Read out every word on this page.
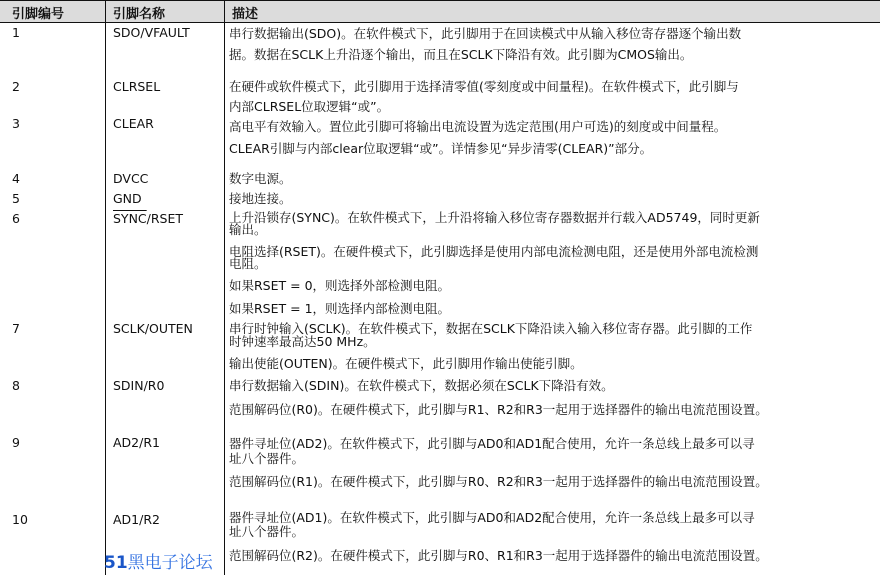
引脚编号	引脚名称	描述
1	SDO/VFAULT	串行数据输出(SDO)。在软件模式下，此引脚用于在回读模式中从输入移位寄存器逐个输出数
据。数据在SCLK上升沿逐个输出，而且在SCLK下降沿有效。此引脚为CMOS输出。
2	CLRSEL	在硬件或软件模式下，此引脚用于选择清零值(零刻度或中间量程)。在软件模式下，此引脚与
内部CLRSEL位取逻辑“或”。
3	CLEAR	高电平有效输入。置位此引脚可将输出电流设置为选定范围(用户可选)的刻度或中间量程。
CLEAR引脚与内部clear位取逻辑“或”。详情参见“异步清零(CLEAR)”部分。
4	DVCC	数字电源。
5	GND	接地连接。
6	SYNC/RSET	上升沿锁存(SYNC)。在软件模式下，上升沿将输入移位寄存器数据并行载入AD5749，同时更新
输出。
电阻选择(RSET)。在硬件模式下，此引脚选择是使用内部电流检测电阻，还是使用外部电流检测
电阻。
如果RSET = 0，则选择外部检测电阻。
如果RSET = 1，则选择内部检测电阻。
7	SCLK/OUTEN	串行时钟输入(SCLK)。在软件模式下，数据在SCLK下降沿读入输入移位寄存器。此引脚的工作
时钟速率最高达50 MHz。
输出使能(OUTEN)。在硬件模式下，此引脚用作输出使能引脚。
8	SDIN/R0	串行数据输入(SDIN)。在软件模式下，数据必须在SCLK下降沿有效。
范围解码位(R0)。在硬件模式下，此引脚与R1、R2和R3一起用于选择器件的输出电流范围设置。
9	AD2/R1	器件寻址位(AD2)。在软件模式下，此引脚与AD0和AD1配合使用，允许一条总线上最多可以寻
址八个器件。
范围解码位(R1)。在硬件模式下，此引脚与R0、R2和R3一起用于选择器件的输出电流范围设置。
10	AD1/R2	器件寻址位(AD1)。在软件模式下，此引脚与AD0和AD2配合使用，允许一条总线上最多可以寻
址八个器件。
范围解码位(R2)。在硬件模式下，此引脚与R0、R1和R3一起用于选择器件的输出电流范围设置。
51黑电子论坛
